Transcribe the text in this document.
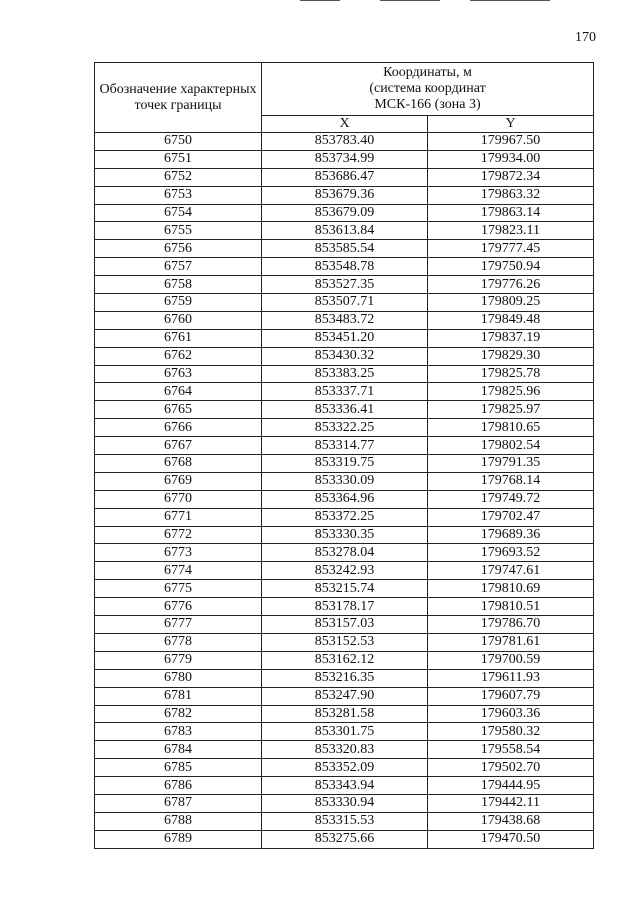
170
Обозначение характерных точек границы	Координаты, м
(система координат
МСК-166 (зона 3)	

	X	Y
6750	853783.40	179967.50
6751	853734.99	179934.00
6752	853686.47	179872.34
6753	853679.36	179863.32
6754	853679.09	179863.14
6755	853613.84	179823.11
6756	853585.54	179777.45
6757	853548.78	179750.94
6758	853527.35	179776.26
6759	853507.71	179809.25
6760	853483.72	179849.48
6761	853451.20	179837.19
6762	853430.32	179829.30
6763	853383.25	179825.78
6764	853337.71	179825.96
6765	853336.41	179825.97
6766	853322.25	179810.65
6767	853314.77	179802.54
6768	853319.75	179791.35
6769	853330.09	179768.14
6770	853364.96	179749.72
6771	853372.25	179702.47
6772	853330.35	179689.36
6773	853278.04	179693.52
6774	853242.93	179747.61
6775	853215.74	179810.69
6776	853178.17	179810.51
6777	853157.03	179786.70
6778	853152.53	179781.61
6779	853162.12	179700.59
6780	853216.35	179611.93
6781	853247.90	179607.79
6782	853281.58	179603.36
6783	853301.75	179580.32
6784	853320.83	179558.54
6785	853352.09	179502.70
6786	853343.94	179444.95
6787	853330.94	179442.11
6788	853315.53	179438.68
6789	853275.66	179470.50
